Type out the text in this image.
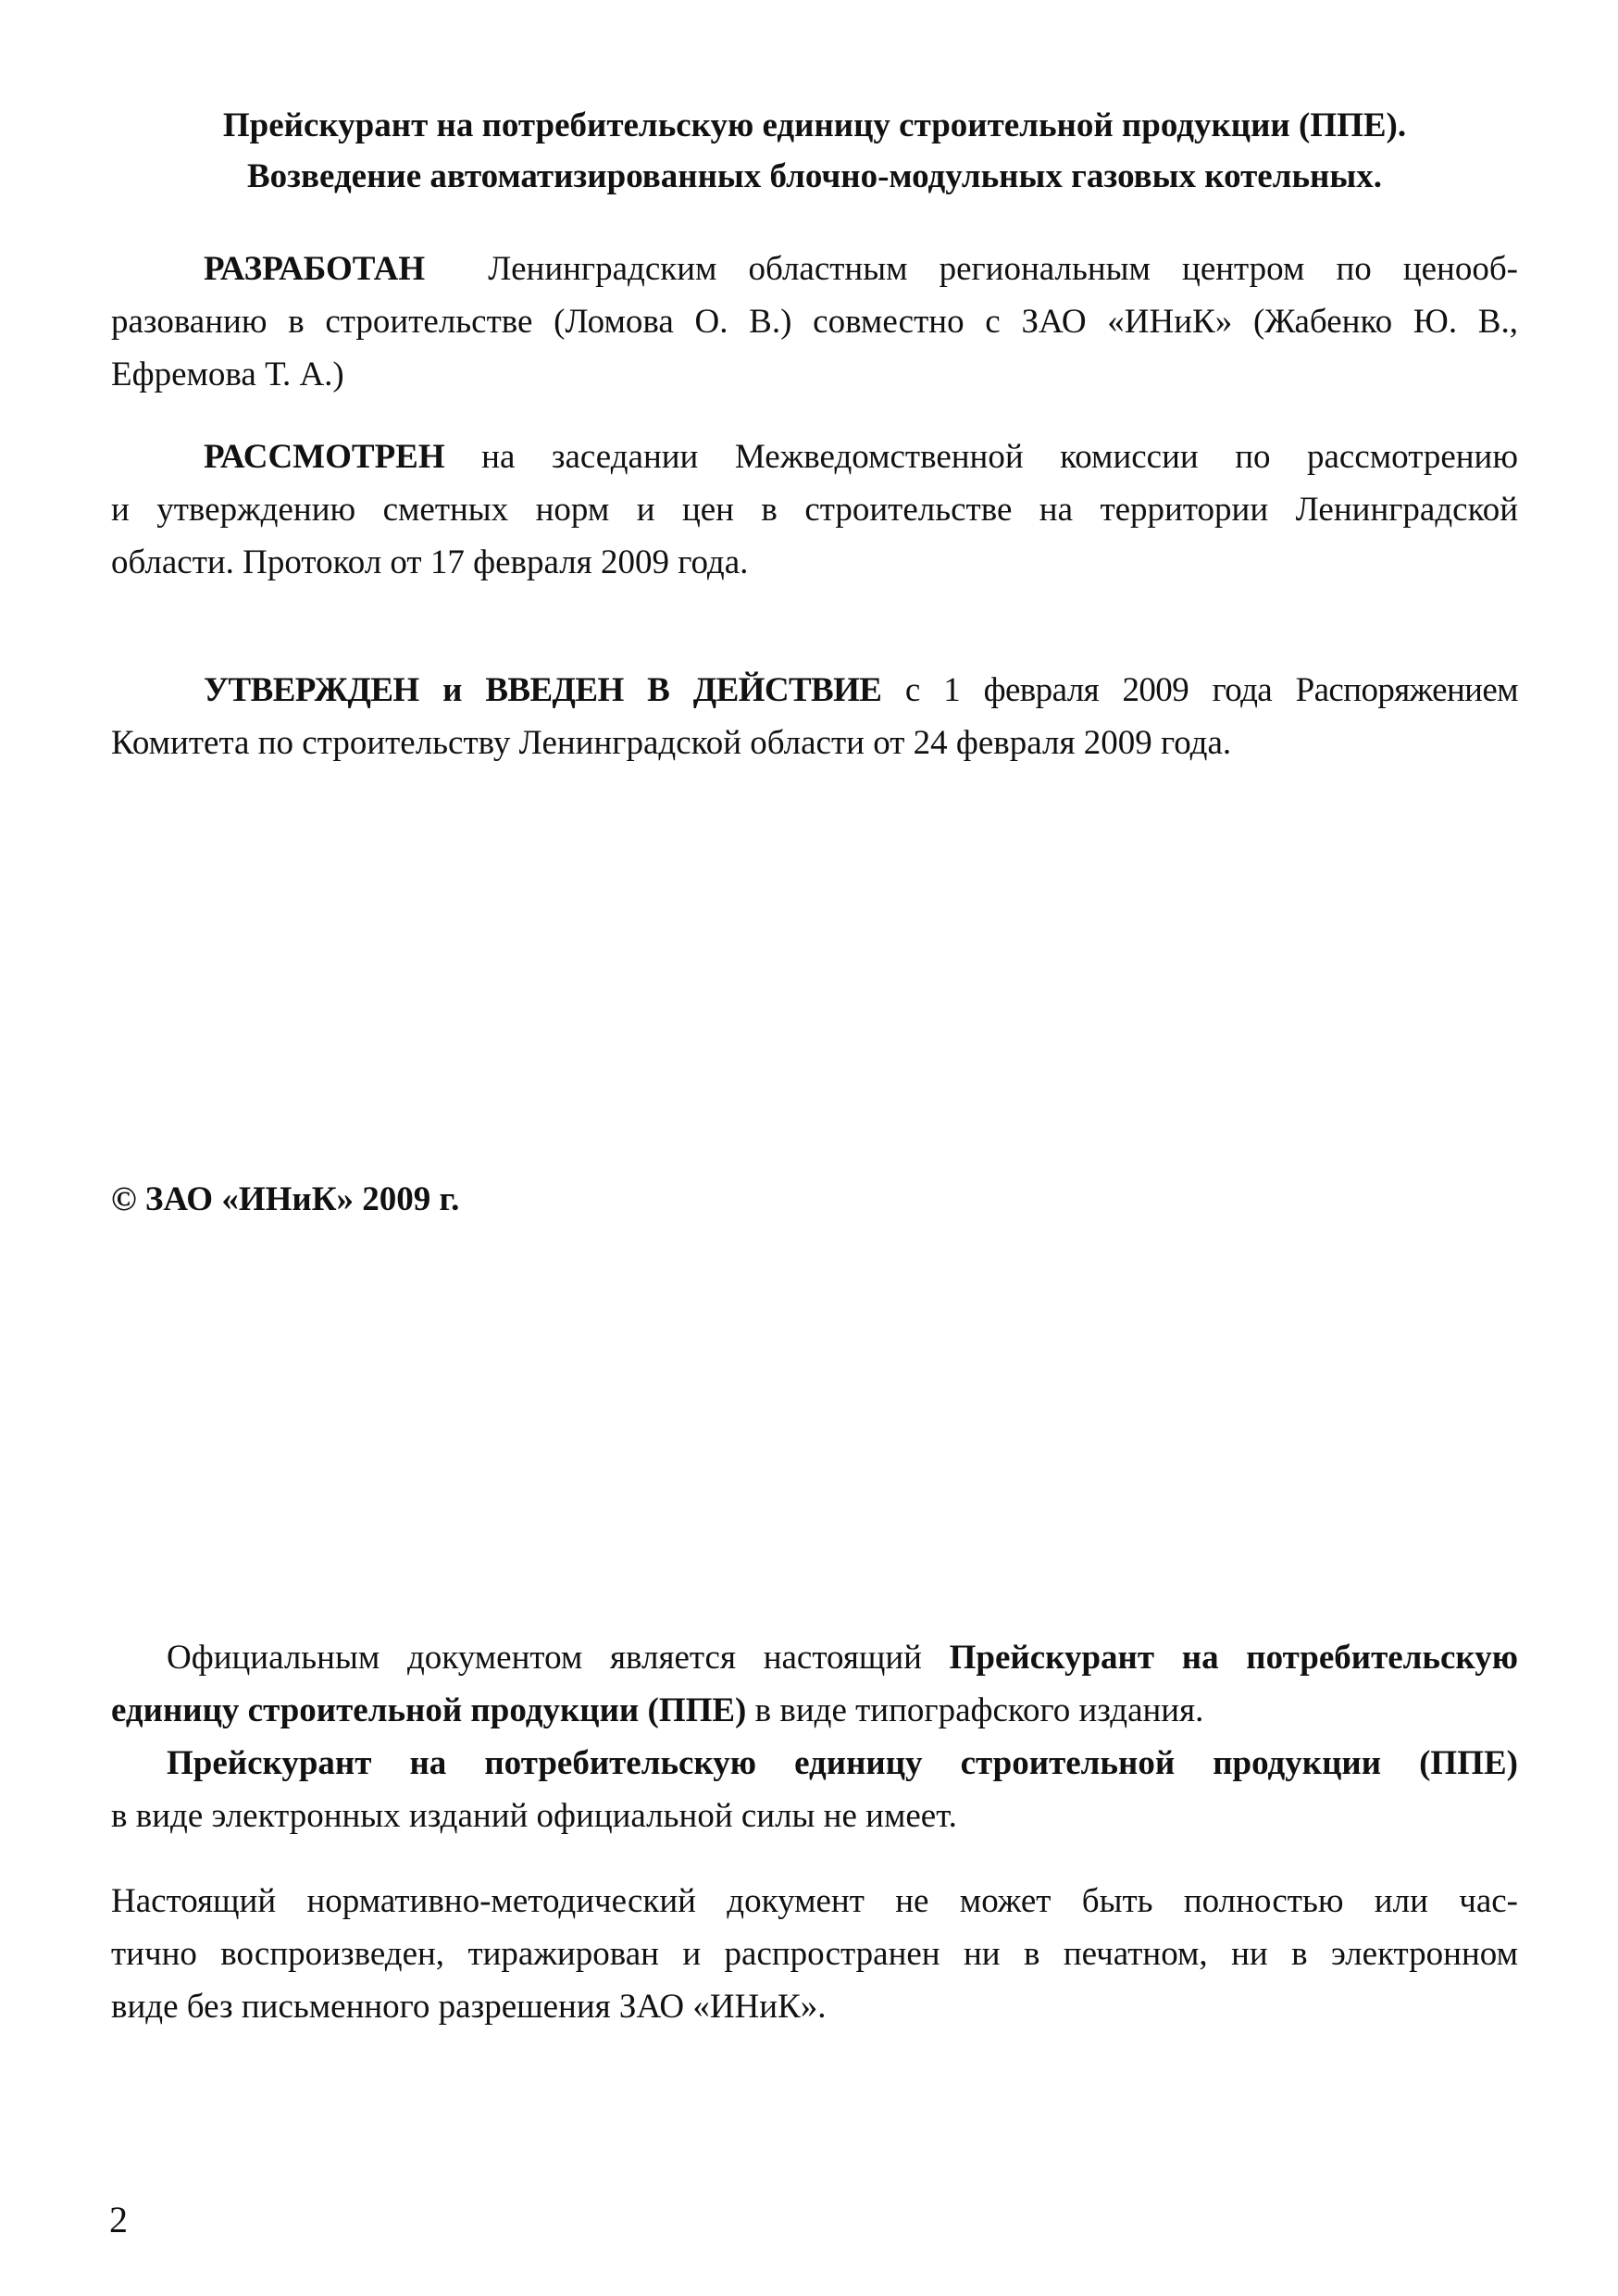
Прейскурант на потребительскую единицу строительной продукции (ППЕ).
Возведение автоматизированных блочно-модульных газовых котельных.
РАЗРАБОТАН Ленинградским областным региональным центром по ценооб-
разованию в строительстве (Ломова О. В.) совместно с ЗАО «ИНиК» (Жабенко Ю. В.,
Ефремова Т. А.)
РАССМОТРЕН на заседании Межведомственной комиссии по рассмотрению
и утверждению сметных норм и цен в строительстве на территории Ленинградской
области. Протокол от 17 февраля 2009 года.
УТВЕРЖДЕН и ВВЕДЕН В ДЕЙСТВИЕ с 1 февраля 2009 года Распоряжением
Комитета по строительству Ленинградской области от 24 февраля 2009 года.
© ЗАО «ИНиК» 2009 г.
Официальным документом является настоящий Прейскурант на потребительскую
единицу строительной продукции (ППЕ) в виде типографского издания.
Прейскурант на потребительскую единицу строительной продукции (ППЕ)
в виде электронных изданий официальной силы не имеет.
Настоящий нормативно-методический документ не может быть полностью или час-
тично воспроизведен, тиражирован и распространен ни в печатном, ни в электронном
виде без письменного разрешения ЗАО «ИНиК».
2
